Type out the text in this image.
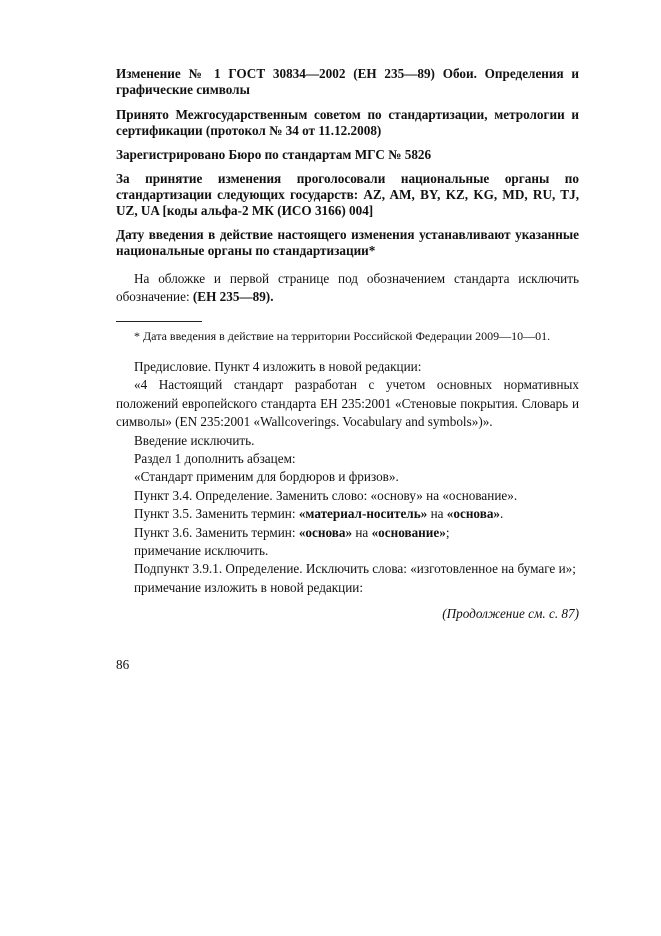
Изменение № 1 ГОСТ 30834—2002 (ЕН 235—89) Обои. Определения и графические символы

Принято Межгосударственным советом по стандартизации, метрологии и сертификации (протокол № 34 от 11.12.2008)

Зарегистрировано Бюро по стандартам МГС № 5826

За принятие изменения проголосовали национальные органы по стандартизации следующих государств: AZ, AM, BY, KZ, KG, MD, RU, TJ, UZ, UA [коды альфа-2 МК (ИСО 3166) 004]

Дату введения в действие настоящего изменения устанавливают указанные национальные органы по стандартизации*

На обложке и первой странице под обозначением стандарта исключить обозначение: (ЕН 235—89).

* Дата введения в действие на территории Российской Федерации 2009—10—01.

Предисловие. Пункт 4 изложить в новой редакции:

«4 Настоящий стандарт разработан с учетом основных нормативных положений европейского стандарта ЕН 235:2001 «Стеновые покрытия. Словарь и символы» (EN 235:2001 «Wallcoverings. Vocabulary and symbols»)».

Введение исключить.

Раздел 1 дополнить абзацем:

«Стандарт применим для бордюров и фризов».

Пункт 3.4. Определение. Заменить слово: «основу» на «основание».

Пункт 3.5. Заменить термин: «материал-носитель» на «основа».

Пункт 3.6. Заменить термин: «основа» на «основание»;

примечание исключить.

Подпункт 3.9.1. Определение. Исключить слова: «изготовленное на бумаге и»;

примечание изложить в новой редакции:

(Продолжение см. с. 87)

86
